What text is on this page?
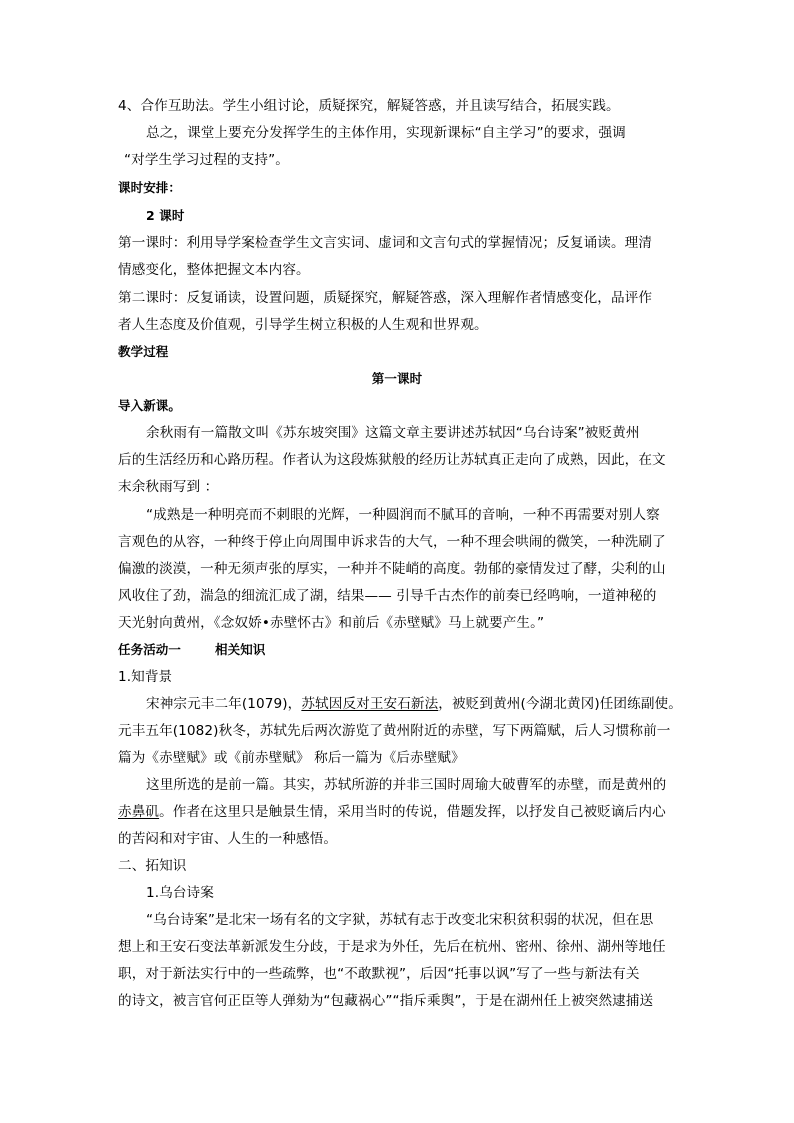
4、合作互助法。学生小组讨论，质疑探究，解疑答惑，并且读写结合，拓展实践。
总之，课堂上要充分发挥学生的主体作用，实现新课标“自主学习”的要求，强调
“对学生学习过程的支持”。
课时安排：
2 课时
第一课时：利用导学案检查学生文言实词、虚词和文言句式的掌握情况；反复诵读。理清
情感变化，整体把握文本内容。
第二课时：反复诵读，设置问题，质疑探究，解疑答惑，深入理解作者情感变化，品评作
者人生态度及价值观，引导学生树立积极的人生观和世界观。
教学过程
第一课时
导入新课。
余秋雨有一篇散文叫《苏东坡突围》这篇文章主要讲述苏轼因“乌台诗案”被贬黄州
后的生活经历和心路历程。作者认为这段炼狱般的经历让苏轼真正走向了成熟，因此，在文
末余秋雨写到 ：
“成熟是一种明亮而不刺眼的光辉，一种圆润而不腻耳的音响，一种不再需要对别人察
言观色的从容，一种终于停止向周围申诉求告的大气，一种不理会哄闹的微笑，一种洗刷了
偏激的淡漠，一种无须声张的厚实，一种并不陡峭的高度。勃郁的豪情发过了酵，尖利的山
风收住了劲，湍急的细流汇成了湖，结果—— 引导千古杰作的前奏已经鸣响，一道神秘的
天光射向黄州，《念奴娇•赤壁怀古》和前后《赤壁赋》马上就要产生。”
任务活动一	相关知识
1.知背景
宋神宗元丰二年(1079)，苏轼因反对王安石新法，被贬到黄州(今湖北黄冈)任团练副使。
元丰五年(1082)秋冬，苏轼先后两次游览了黄州附近的赤壁，写下两篇赋，后人习惯称前一
篇为《赤壁赋》或《前赤壁赋》 称后一篇为《后赤壁赋》
这里所选的是前一篇。其实，苏轼所游的并非三国时周瑜大破曹军的赤壁，而是黄州的
赤鼻矶。作者在这里只是触景生情，采用当时的传说，借题发挥，以抒发自己被贬谪后内心
的苦闷和对宇宙、人生的一种感悟。
二、拓知识
1.乌台诗案
“乌台诗案”是北宋一场有名的文字狱，苏轼有志于改变北宋积贫积弱的状况，但在思
想上和王安石变法革新派发生分歧，于是求为外任，先后在杭州、密州、徐州、湖州等地任
职，对于新法实行中的一些疏弊，也“不敢默视”，后因“托事以讽”写了一些与新法有关
的诗文，被言官何正臣等人弹劾为“包藏祸心”“指斥乘舆”，于是在湖州任上被突然逮捕送
